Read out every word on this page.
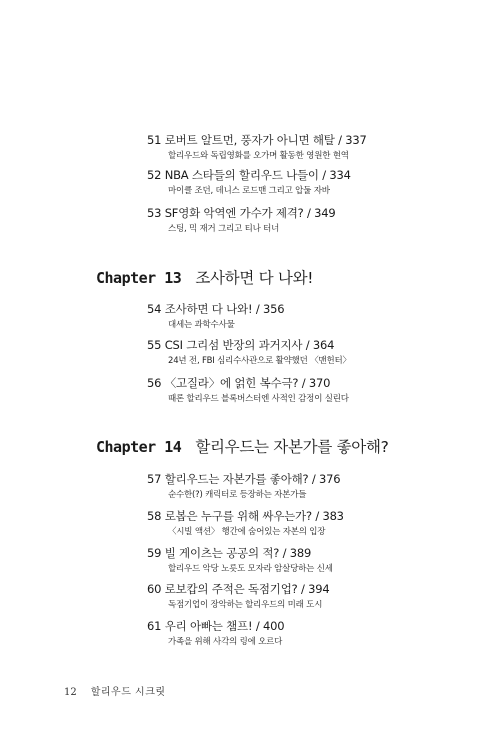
51 로버트 알트먼, 풍자가 아니면 해탈 / 337
할리우드와 독립영화를 오가며 활동한 영원한 현역
52 NBA 스타들의 할리우드 나들이 / 334
마이클 조던, 데니스 로드맨 그리고 압둘 자바
53 SF영화 악역엔 가수가 제격? / 349
스팅, 믹 재거 그리고 티나 터너
Chapter 13 조사하면 다 나와!
54 조사하면 다 나와! / 356
대세는 과학수사물
55 CSI 그리섬 반장의 과거지사 / 364
24년 전, FBI 심리수사관으로 활약했던 〈맨헌터〉
56 〈고질라〉에 얽힌 복수극? / 370
때론 할리우드 블록버스터엔 사적인 감정이 실린다
Chapter 14 할리우드는 자본가를 좋아해?
57 할리우드는 자본가를 좋아해? / 376
순수한(?) 캐릭터로 등장하는 자본가들
58 로봅은 누구를 위해 싸우는가? / 383
〈시빌 액션〉 행간에 숨어있는 자본의 입장
59 빌 게이츠는 공공의 적? / 389
할리우드 악당 노릇도 모자라 암살당하는 신세
60 로보캅의 주적은 독점기업? / 394
독점기업이 장악하는 할리우드의 미래 도시
61 우리 아빠는 챔프! / 400
가족을 위해 사각의 링에 오르다
12 할리우드 시크릿
